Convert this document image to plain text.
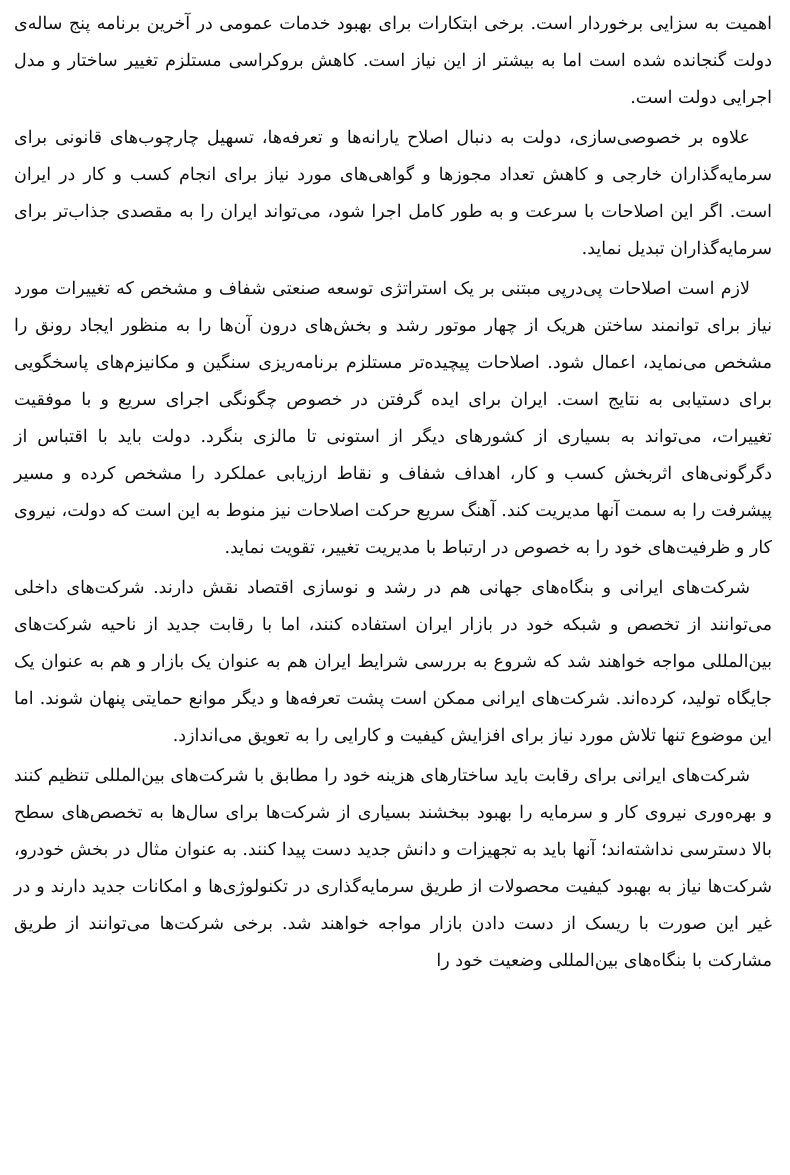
اهمیت به سزایی برخوردار است. برخی ابتکارات برای بهبود خدمات عمومی در آخرین برنامه پنج ساله‌ی دولت گنجانده شده است اما به بیشتر از این نیاز است. کاهش بروکراسی مستلزم تغییر ساختار و مدل اجرایی دولت است.

علاوه بر خصوصی‌سازی، دولت به دنبال اصلاح یارانه‌ها و تعرفه‌ها، تسهیل چارچوب‌های قانونی برای سرمایه‌گذاران خارجی و کاهش تعداد مجوزها و گواهی‌های مورد نیاز برای انجام کسب و کار در ایران است. اگر این اصلاحات با سرعت و به طور کامل اجرا شود، می‌تواند ایران را به مقصدی جذاب‌تر برای سرمایه‌گذاران تبدیل نماید.

لازم است اصلاحات پی‌درپی مبتنی بر یک استراتژی توسعه صنعتی شفاف و مشخص که تغییرات مورد نیاز برای توانمند ساختن هریک از چهار موتور رشد و بخش‌های درون آن‌ها را به منظور ایجاد رونق را مشخص می‌نماید، اعمال شود. اصلاحات پیچیده‌تر مستلزم برنامه‌ریزی سنگین و مکانیزم‌های پاسخگویی برای دستیابی به نتایج است. ایران برای ایده گرفتن در خصوص چگونگی اجرای سریع و با موفقیت تغییرات، می‌تواند به بسیاری از کشورهای دیگر از استونی تا مالزی بنگرد. دولت باید با اقتباس از دگرگونی‌های اثربخش کسب و کار، اهداف شفاف و نقاط ارزیابی عملکرد را مشخص کرده و مسیر پیشرفت را به سمت آنها مدیریت کند. آهنگ سریع حرکت اصلاحات نیز منوط به این است که دولت، نیروی کار و ظرفیت‌های خود را به خصوص در ارتباط با مدیریت تغییر، تقویت نماید.

شرکت‌های ایرانی و بنگاه‌های جهانی هم در رشد و نوسازی اقتصاد نقش دارند. شرکت‌های داخلی می‌توانند از تخصص و شبکه خود در بازار ایران استفاده کنند، اما با رقابت جدید از ناحیه شرکت‌های بین‌المللی مواجه خواهند شد که شروع به بررسی شرایط ایران هم به عنوان یک بازار و هم به عنوان یک جایگاه تولید، کرده‌اند. شرکت‌های ایرانی ممکن است پشت تعرفه‌ها و دیگر موانع حمایتی پنهان شوند. اما این موضوع تنها تلاش مورد نیاز برای افزایش کیفیت و کارایی را به تعویق می‌اندازد.

شرکت‌های ایرانی برای رقابت باید ساختارهای هزینه خود را مطابق با شرکت‌های بین‌المللی تنظیم کنند و بهره‌وری نیروی کار و سرمایه را بهبود ببخشند بسیاری از شرکت‌ها برای سال‌ها به تخصص‌های سطح بالا دسترسی نداشته‌اند؛ آنها باید به تجهیزات و دانش جدید دست پیدا کنند. به عنوان مثال در بخش خودرو، شرکت‌ها نیاز به بهبود کیفیت محصولات از طریق سرمایه‌گذاری در تکنولوژی‌ها و امکانات جدید دارند و در غیر این صورت با ریسک از دست دادن بازار مواجه خواهند شد. برخی شرکت‌ها می‌توانند از طریق مشارکت با بنگاه‌های بین‌المللی وضعیت خود را
